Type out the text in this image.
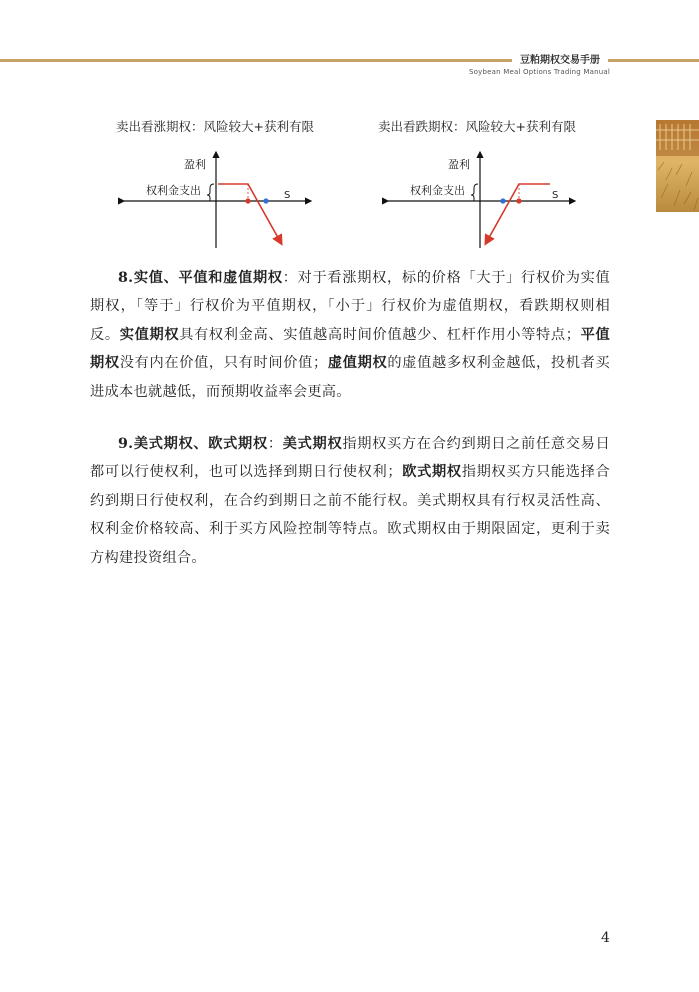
豆粕期权交易手册
Soybean Meal Options Trading Manual
卖出看涨期权：风险较大+获利有限	卖出看跌期权：风险较大+获利有限
盈利
权利金支出	S
盈利
权利金支出	S

8.实值、平值和虚值期权：对于看涨期权，标的价格「大于」行权价为实值期权，「等于」行权价为平值期权，「小于」行权价为虚值期权，看跌期权则相反。实值期权具有权利金高、实值越高时间价值越少、杠杆作用小等特点；平值期权没有内在价值，只有时间价值；虚值期权的虚值越多权利金越低，投机者买进成本也就越低，而预期收益率会更高。

9.美式期权、欧式期权：美式期权指期权买方在合约到期日之前任意交易日都可以行使权利，也可以选择到期日行使权利；欧式期权指期权买方只能选择合约到期日行使权利，在合约到期日之前不能行权。美式期权具有行权灵活性高、权利金价格较高、利于买方风险控制等特点。欧式期权由于期限固定，更利于卖方构建投资组合。

4
